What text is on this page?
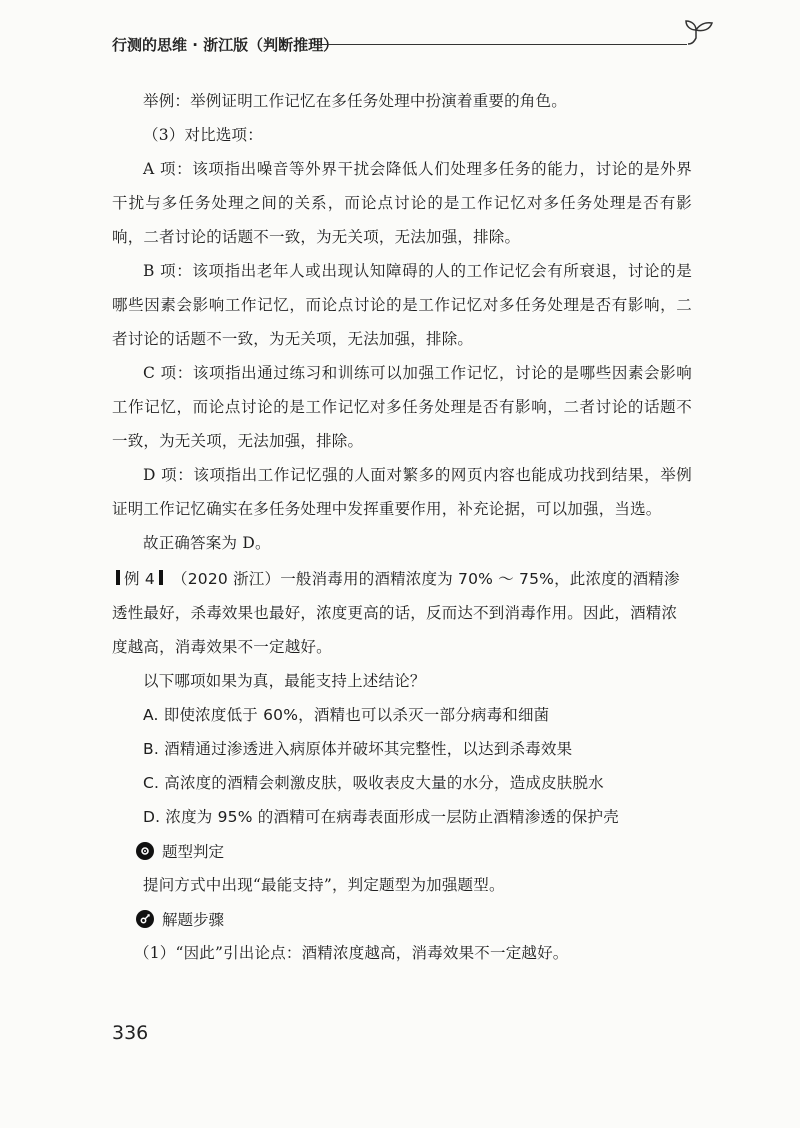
行测的思维 · 浙江版（判断推理）

举例：举例证明工作记忆在多任务处理中扮演着重要的角色。

（3）对比选项：

A 项：该项指出噪音等外界干扰会降低人们处理多任务的能力，讨论的是外界干扰与多任务处理之间的关系，而论点讨论的是工作记忆对多任务处理是否有影响，二者讨论的话题不一致，为无关项，无法加强，排除。

B 项：该项指出老年人或出现认知障碍的人的工作记忆会有所衰退，讨论的是哪些因素会影响工作记忆，而论点讨论的是工作记忆对多任务处理是否有影响，二者讨论的话题不一致，为无关项，无法加强，排除。

C 项：该项指出通过练习和训练可以加强工作记忆，讨论的是哪些因素会影响工作记忆，而论点讨论的是工作记忆对多任务处理是否有影响，二者讨论的话题不一致，为无关项，无法加强，排除。

D 项：该项指出工作记忆强的人面对繁多的网页内容也能成功找到结果，举例证明工作记忆确实在多任务处理中发挥重要作用，补充论据，可以加强，当选。

故正确答案为 D。

例 4 （2020 浙江）一般消毒用的酒精浓度为 70% ～ 75%，此浓度的酒精渗透性最好，杀毒效果也最好，浓度更高的话，反而达不到消毒作用。因此，酒精浓度越高，消毒效果不一定越好。

以下哪项如果为真，最能支持上述结论？

A. 即使浓度低于 60%，酒精也可以杀灭一部分病毒和细菌

B. 酒精通过渗透进入病原体并破坏其完整性，以达到杀毒效果

C. 高浓度的酒精会刺激皮肤，吸收表皮大量的水分，造成皮肤脱水

D. 浓度为 95% 的酒精可在病毒表面形成一层防止酒精渗透的保护壳

题型判定

提问方式中出现“最能支持”，判定题型为加强题型。

解题步骤

（1）“因此”引出论点：酒精浓度越高，消毒效果不一定越好。

336
